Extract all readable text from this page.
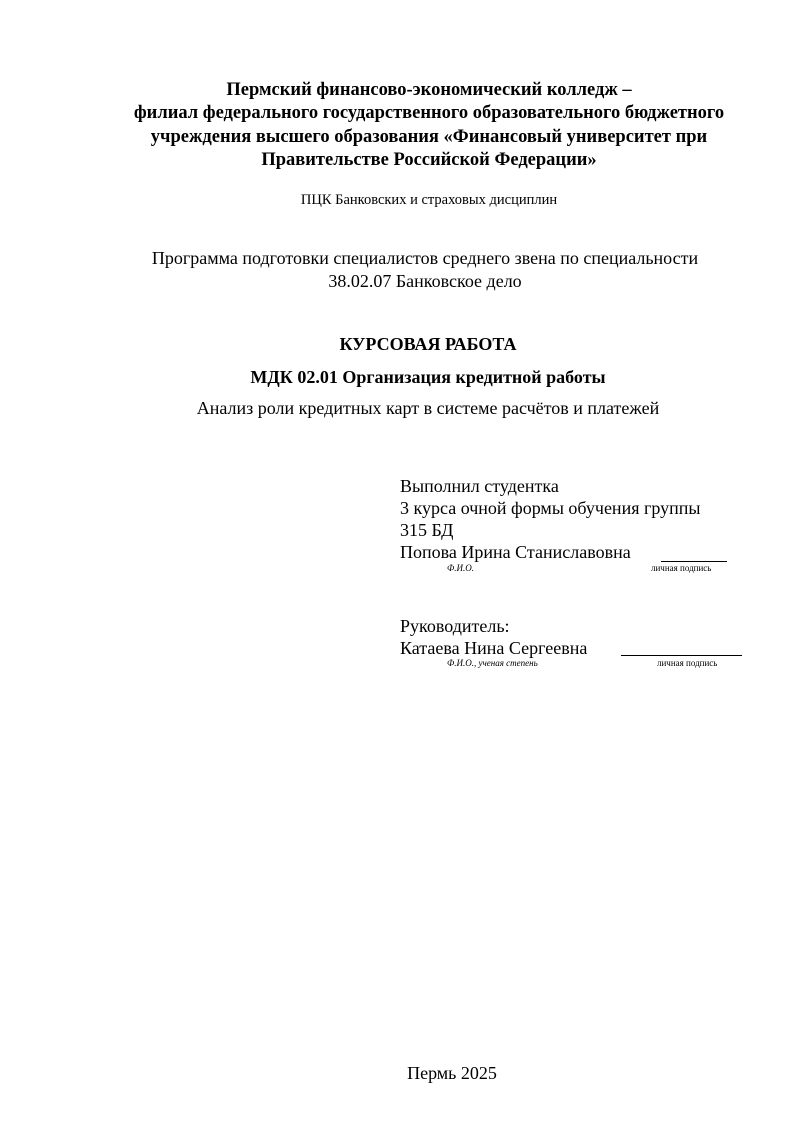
Пермский финансово-экономический колледж –
филиал федерального государственного образовательного бюджетного
учреждения высшего образования «Финансовый университет при
Правительстве Российской Федерации»
ПЦК Банковских и страховых дисциплин
Программа подготовки специалистов среднего звена по специальности
38.02.07 Банковское дело
КУРСОВАЯ РАБОТА
МДК 02.01 Организация кредитной работы
Анализ роли кредитных карт в системе расчётов и платежей
Выполнил студентка
3 курса очной формы обучения группы
315 БД
Попова Ирина Станиславовна
Ф.И.О.	личная подпись
Руководитель:
Катаева Нина Сергеевна
Ф.И.О., ученая степень	личная подпись
Пермь 2025
